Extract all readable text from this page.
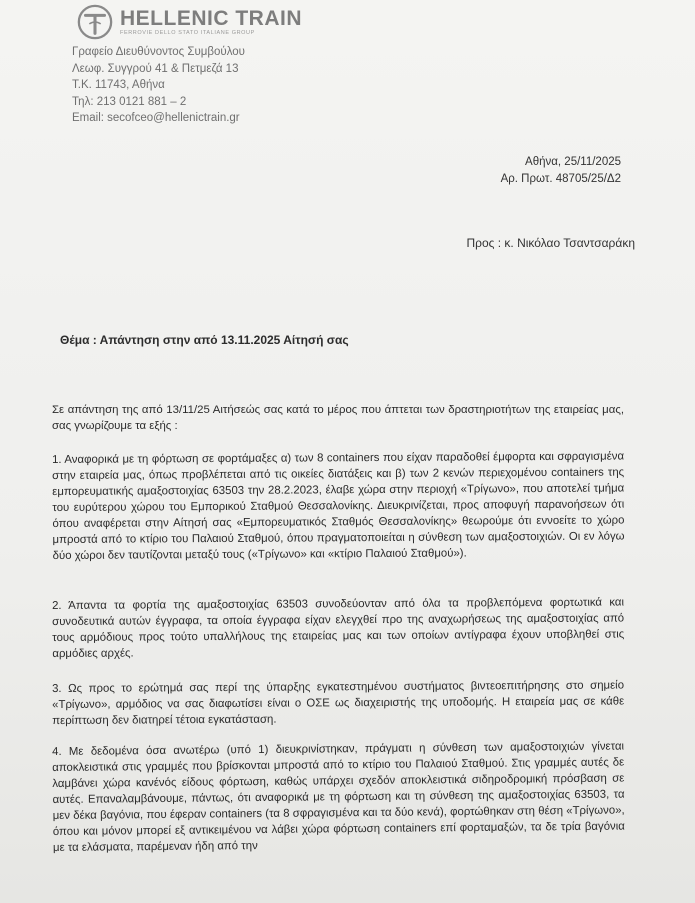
HELLENIC TRAIN
FERROVIE DELLO STATO ITALIANE GROUP
Γραφείο Διευθύνοντος Συμβούλου
Λεωφ. Συγγρού 41 & Πετμεζά 13
Τ.Κ. 11743, Αθήνα
Τηλ: 213 0121 881 – 2
Email: secofceo@hellenictrain.gr
Αθήνα, 25/11/2025
Αρ. Πρωτ. 48705/25/Δ2
Προς : κ. Νικόλαο Τσαντσαράκη
Θέμα : Απάντηση στην από 13.11.2025 Αίτησή σας
Σε απάντηση της από 13/11/25 Αιτήσεώς σας κατά το μέρος που άπτεται των δραστηριοτήτων της εταιρείας μας, σας γνωρίζουμε τα εξής :
1. Αναφορικά με τη φόρτωση σε φορτάμαξες α) των 8 containers που είχαν παραδοθεί έμφορτα και σφραγισμένα στην εταιρεία μας, όπως προβλέπεται από τις οικείες διατάξεις και β) των 2 κενών περιεχομένου containers της εμπορευματικής αμαξοστοιχίας 63503 την 28.2.2023, έλαβε χώρα στην περιοχή «Τρίγωνο», που αποτελεί τμήμα του ευρύτερου χώρου του Εμπορικού Σταθμού Θεσσαλονίκης. Διευκρινίζεται, προς αποφυγή παρανοήσεων ότι όπου αναφέρεται στην Αίτησή σας «Εμπορευματικός Σταθμός Θεσσαλονίκης» θεωρούμε ότι εννοείτε το χώρο μπροστά από το κτίριο του Παλαιού Σταθμού, όπου πραγματοποιείται η σύνθεση των αμαξοστοιχιών. Οι εν λόγω δύο χώροι δεν ταυτίζονται μεταξύ τους («Τρίγωνο» και «κτίριο Παλαιού Σταθμού»).
2. Άπαντα τα φορτία της αμαξοστοιχίας 63503 συνοδεύονταν από όλα τα προβλεπόμενα φορτωτικά και συνοδευτικά αυτών έγγραφα, τα οποία έγγραφα είχαν ελεγχθεί προ της αναχωρήσεως της αμαξοστοιχίας από τους αρμόδιους προς τούτο υπαλλήλους της εταιρείας μας και των οποίων αντίγραφα έχουν υποβληθεί στις αρμόδιες αρχές.
3. Ως προς το ερώτημά σας περί της ύπαρξης εγκατεστημένου συστήματος βιντεοεπιτήρησης στο σημείο «Τρίγωνο», αρμόδιος να σας διαφωτίσει είναι ο ΟΣΕ ως διαχειριστής της υποδομής. Η εταιρεία μας σε κάθε περίπτωση δεν διατηρεί τέτοια εγκατάσταση.
4. Με δεδομένα όσα ανωτέρω (υπό 1) διευκρινίστηκαν, πράγματι η σύνθεση των αμαξοστοιχιών γίνεται αποκλειστικά στις γραμμές που βρίσκονται μπροστά από το κτίριο του Παλαιού Σταθμού. Στις γραμμές αυτές δε λαμβάνει χώρα κανένός είδους φόρτωση, καθώς υπάρχει σχεδόν αποκλειστικά σιδηροδρομική πρόσβαση σε αυτές. Επαναλαμβάνουμε, πάντως, ότι αναφορικά με τη φόρτωση και τη σύνθεση της αμαξοστοιχίας 63503, τα μεν δέκα βαγόνια, που έφεραν containers (τα 8 σφραγισμένα και τα δύο κενά), φορτώθηκαν στη θέση «Τρίγωνο», όπου και μόνον μπορεί εξ αντικειμένου να λάβει χώρα φόρτωση containers επί φορταμαξών, τα δε τρία βαγόνια με τα ελάσματα, παρέμεναν ήδη από την
